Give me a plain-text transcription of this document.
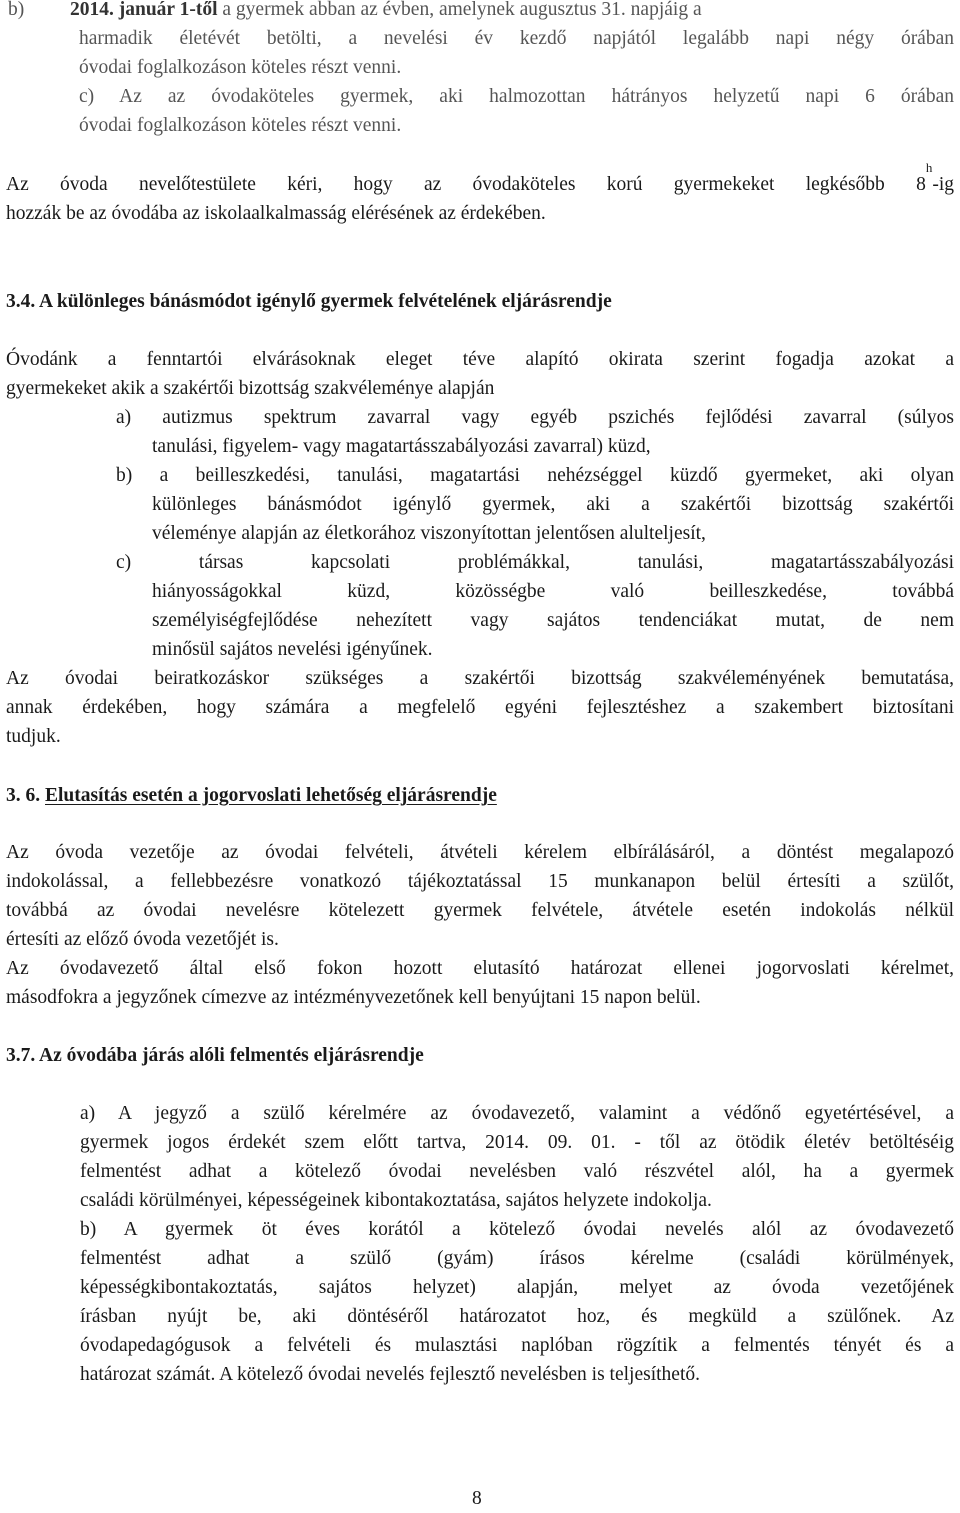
b) 2014. január 1-től a gyermek abban az évben, amelynek augusztus 31. napjáig a
harmadik életévét betölti, a nevelési év kezdő napjától legalább napi négy órában
óvodai foglalkozáson köteles részt venni.
c) Az az óvodaköteles gyermek, aki halmozottan hátrányos helyzetű napi 6 órában
óvodai foglalkozáson köteles részt venni.
Az óvoda nevelőtestülete kéri, hogy az óvodaköteles korú gyermekeket legkésőbb 8
$^h$
-ig
hozzák be az óvodába az iskolaalkalmasság elérésének az érdekében.
3.4. A különleges bánásmódot igénylő gyermek felvételének eljárásrendje
Óvodánk a fenntartói elvárásoknak eleget téve alapító okirata szerint fogadja azokat a
gyermekeket akik a szakértői bizottság szakvéleménye alapján
a) autizmus spektrum zavarral vagy egyéb pszichés fejlődési zavarral (súlyos
tanulási, figyelem- vagy magatartásszabályozási zavarral) küzd,
b) a beilleszkedési, tanulási, magatartási nehézséggel küzdő gyermeket, aki olyan
különleges bánásmódot igénylő gyermek, aki a szakértői bizottság szakértői
véleménye alapján az életkorához viszonyítottan jelentősen alulteljesít,
c) társas kapcsolati problémákkal, tanulási, magatartásszabályozási
hiányosságokkal küzd, közösségbe való beilleszkedése, továbbá
személyiségfejlődése nehezített vagy sajátos tendenciákat mutat, de nem
minősül sajátos nevelési igényűnek.
Az óvodai beiratkozáskor szükséges a szakértői bizottság szakvéleményének bemutatása,
annak érdekében, hogy számára a megfelelő egyéni fejlesztéshez a szakembert biztosítani
tudjuk.
3. 6. Elutasítás esetén a jogorvoslati lehetőség eljárásrendje
Az óvoda vezetője az óvodai felvételi, átvételi kérelem elbírálásáról, a döntést megalapozó
indokolással, a fellebbezésre vonatkozó tájékoztatással 15 munkanapon belül értesíti a szülőt,
továbbá az óvodai nevelésre kötelezett gyermek felvétele, átvétele esetén indokolás nélkül
értesíti az előző óvoda vezetőjét is.
Az óvodavezető által első fokon hozott elutasító határozat ellenei jogorvoslati kérelmet,
másodfokra a jegyzőnek címezve az intézményvezetőnek kell benyújtani 15 napon belül.
3.7. Az óvodába járás alóli felmentés eljárásrendje
a) A jegyző a szülő kérelmére az óvodavezető, valamint a védőnő egyetértésével, a
gyermek jogos érdekét szem előtt tartva, 2014. 09. 01. - től az ötödik életév betöltéséig
felmentést adhat a kötelező óvodai nevelésben való részvétel alól, ha a gyermek
családi körülményei, képességeinek kibontakoztatása, sajátos helyzete indokolja.
b) A gyermek öt éves korától a kötelező óvodai nevelés alól az óvodavezető
felmentést adhat a szülő (gyám) írásos kérelme (családi körülmények,
képességkibontakoztatás, sajátos helyzet) alapján, melyet az óvoda vezetőjének
írásban nyújt be, aki döntéséről határozatot hoz, és megküld a szülőnek. Az
óvodapedagógusok a felvételi és mulasztási naplóban rögzítik a felmentés tényét és a
határozat számát. A kötelező óvodai nevelés fejlesztő nevelésben is teljesíthető.
8
